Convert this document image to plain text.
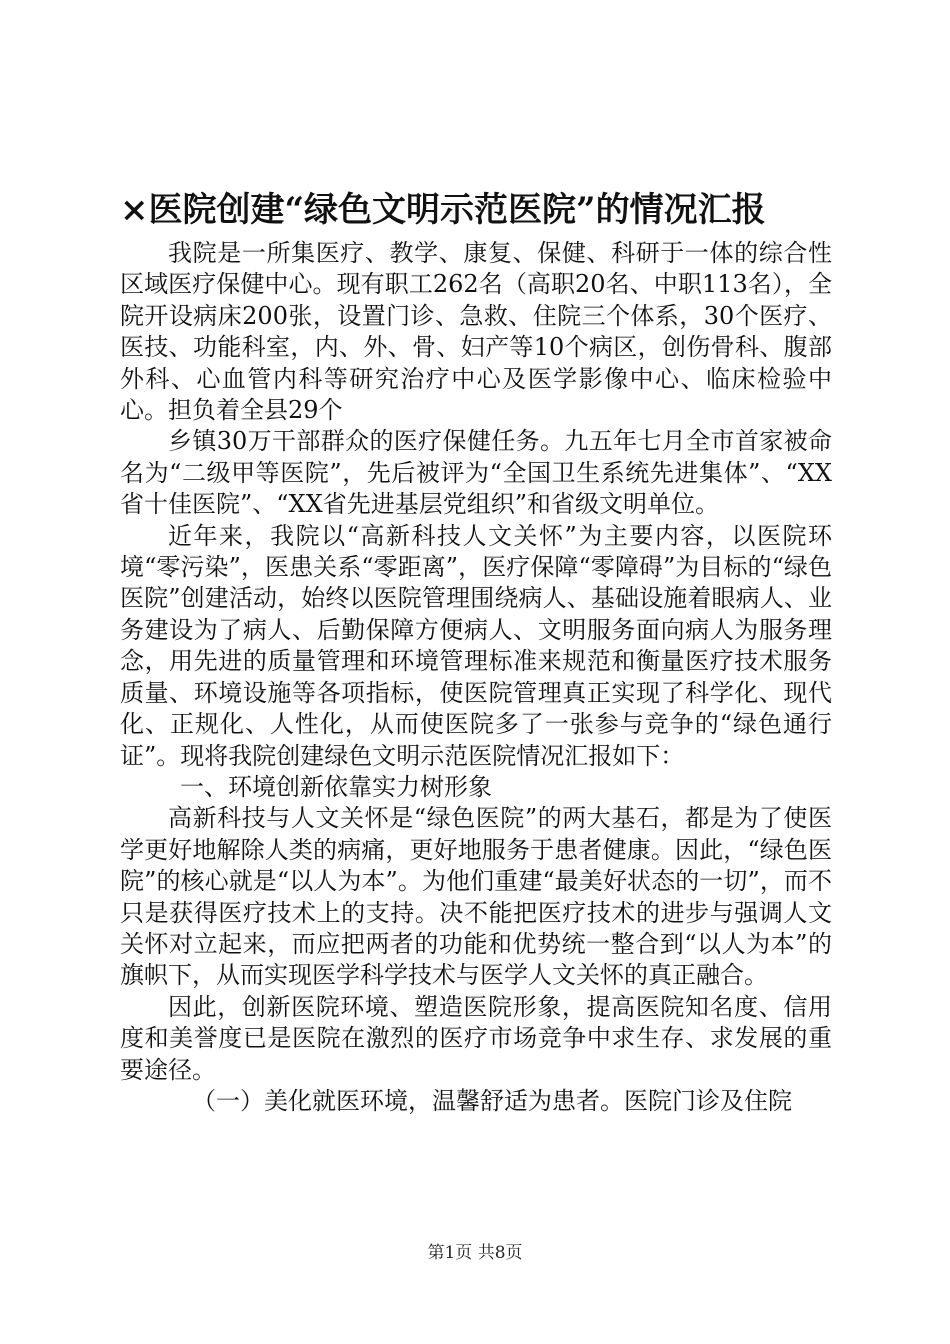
×医院创建“绿色文明示范医院”的情况汇报

我院是一所集医疗、教学、康复、保健、科研于一体的综合性区域医疗保健中心。现有职工262名（高职20名、中职113名），全院开设病床200张，设置门诊、急救、住院三个体系，30个医疗、医技、功能科室，内、外、骨、妇产等10个病区，创伤骨科、腹部外科、心血管内科等研究治疗中心及医学影像中心、临床检验中心。担负着全县29个

乡镇30万干部群众的医疗保健任务。九五年七月全市首家被命名为“二级甲等医院”，先后被评为“全国卫生系统先进集体”、“XX省十佳医院”、“XX省先进基层党组织”和省级文明单位。

近年来，我院以“高新科技人文关怀”为主要内容，以医院环境“零污染”，医患关系“零距离”，医疗保障“零障碍”为目标的“绿色医院”创建活动，始终以医院管理围绕病人、基础设施着眼病人、业务建设为了病人、后勤保障方便病人、文明服务面向病人为服务理念，用先进的质量管理和环境管理标准来规范和衡量医疗技术服务质量、环境设施等各项指标，使医院管理真正实现了科学化、现代化、正规化、人性化，从而使医院多了一张参与竞争的“绿色通行证”。现将我院创建绿色文明示范医院情况汇报如下：

一、环境创新依靠实力树形象

高新科技与人文关怀是“绿色医院”的两大基石，都是为了使医学更好地解除人类的病痛，更好地服务于患者健康。因此，“绿色医院”的核心就是“以人为本”。为他们重建“最美好状态的一切”，而不只是获得医疗技术上的支持。决不能把医疗技术的进步与强调人文关怀对立起来，而应把两者的功能和优势统一整合到“以人为本”的旗帜下，从而实现医学科学技术与医学人文关怀的真正融合。

因此，创新医院环境、塑造医院形象，提高医院知名度、信用度和美誉度已是医院在激烈的医疗市场竞争中求生存、求发展的重要途径。

（一）美化就医环境，温馨舒适为患者。医院门诊及住院

第1页 共8页
